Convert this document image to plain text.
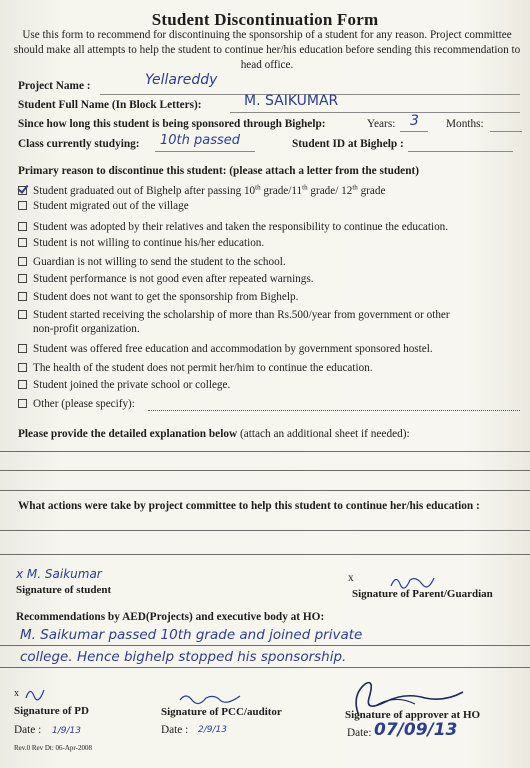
Student Discontinuation Form
Use this form to recommend for discontinuing the sponsorship of a student for any reason. Project committee should make all attempts to help the student to continue her/his education before sending this recommendation to head office.
Project Name :	Yellareddy
Student Full Name (In Block Letters):	M. SAIKUMAR
Since how long this student is being sponsored through Bighelp:	Years: 3 Months:
Class currently studying: 10th passed	Student ID at Bighelp :
Primary reason to discontinue this student: (please attach a letter from the student)
Student graduated out of Bighelp after passing 10th grade/11th grade/ 12th grade
Student migrated out of the village
Student was adopted by their relatives and taken the responsibility to continue the education.
Student is not willing to continue his/her education.
Guardian is not willing to send the student to the school.
Student performance is not good even after repeated warnings.
Student does not want to get the sponsorship from Bighelp.
Student started receiving the scholarship of more than Rs.500/year from government or other
non-profit organization.
Student was offered free education and accommodation by government sponsored hostel.
The health of the student does not permit her/him to continue the education.
Student joined the private school or college.
Other (please specify):
Please provide the detailed explanation below (attach an additional sheet if needed):
What actions were take by project committee to help this student to continue her/his education :
x M. Saikumar
Signature of student
x
Signature of Parent/Guardian
Recommendations by AED(Projects) and executive body at HO:
M. Saikumar passed 10th grade and joined private
college. Hence bighelp stopped his sponsorship.
x
Signature of PD
Date : 1/9/13
Signature of PCC/auditor
Date : 2/9/13
Signature of approver at HO
Date: 07/09/13
Rev.0 Rev Dt: 06-Apr-2008
